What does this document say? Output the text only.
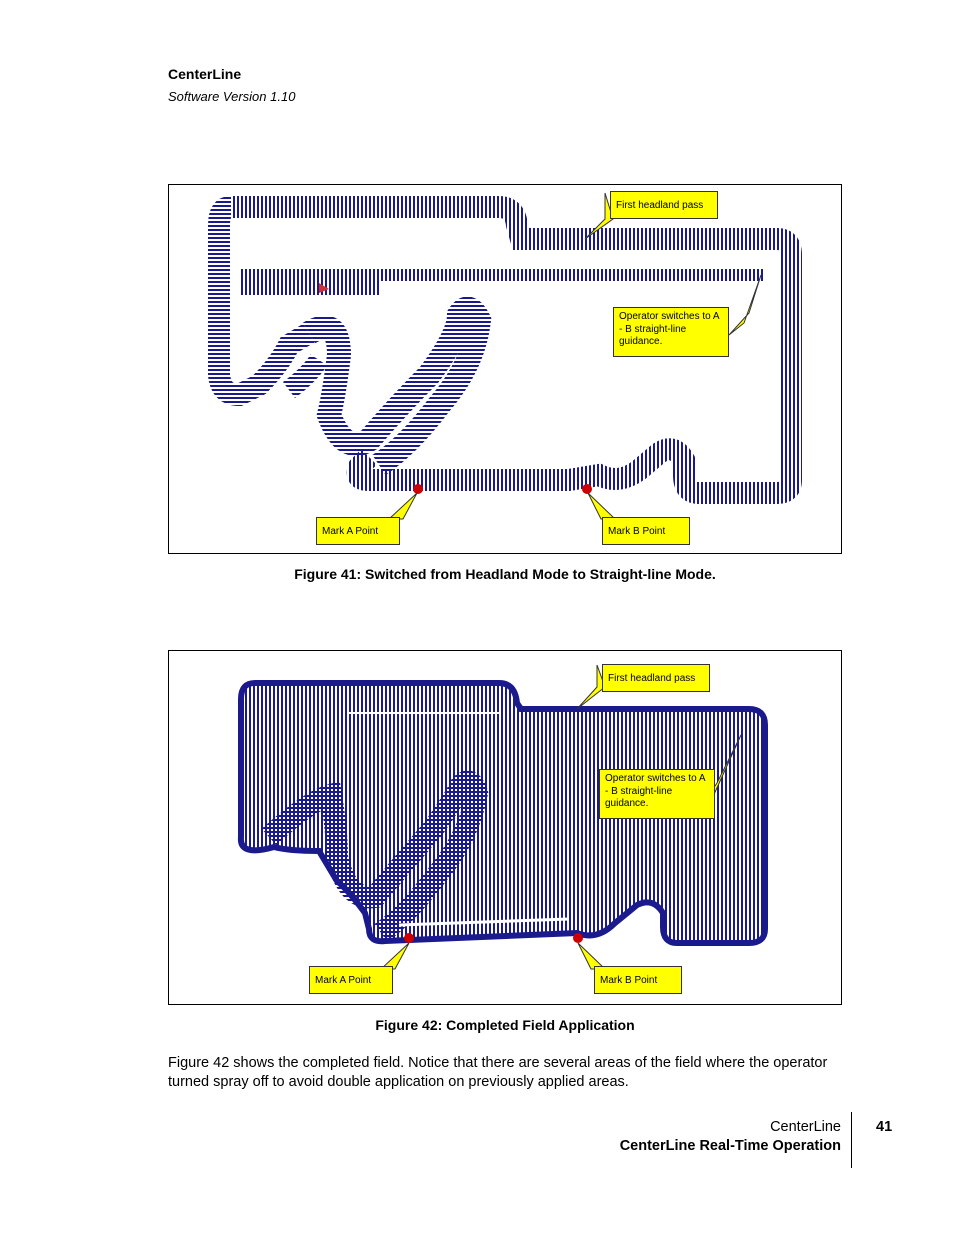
CenterLine
Software Version 1.10
First headland pass
Operator switches to A - B straight-line guidance.
Mark A Point	Mark B Point
Figure 41: Switched from Headland Mode to Straight-line Mode.
First headland pass
Operator switches to A - B straight-line guidance.
Mark A Point	Mark B Point
Figure 42: Completed Field Application
Figure 42 shows the completed field. Notice that there are several areas of the field where the operator turned spray off to avoid double application on previously applied areas.
CenterLine
CenterLine Real-Time Operation
41
